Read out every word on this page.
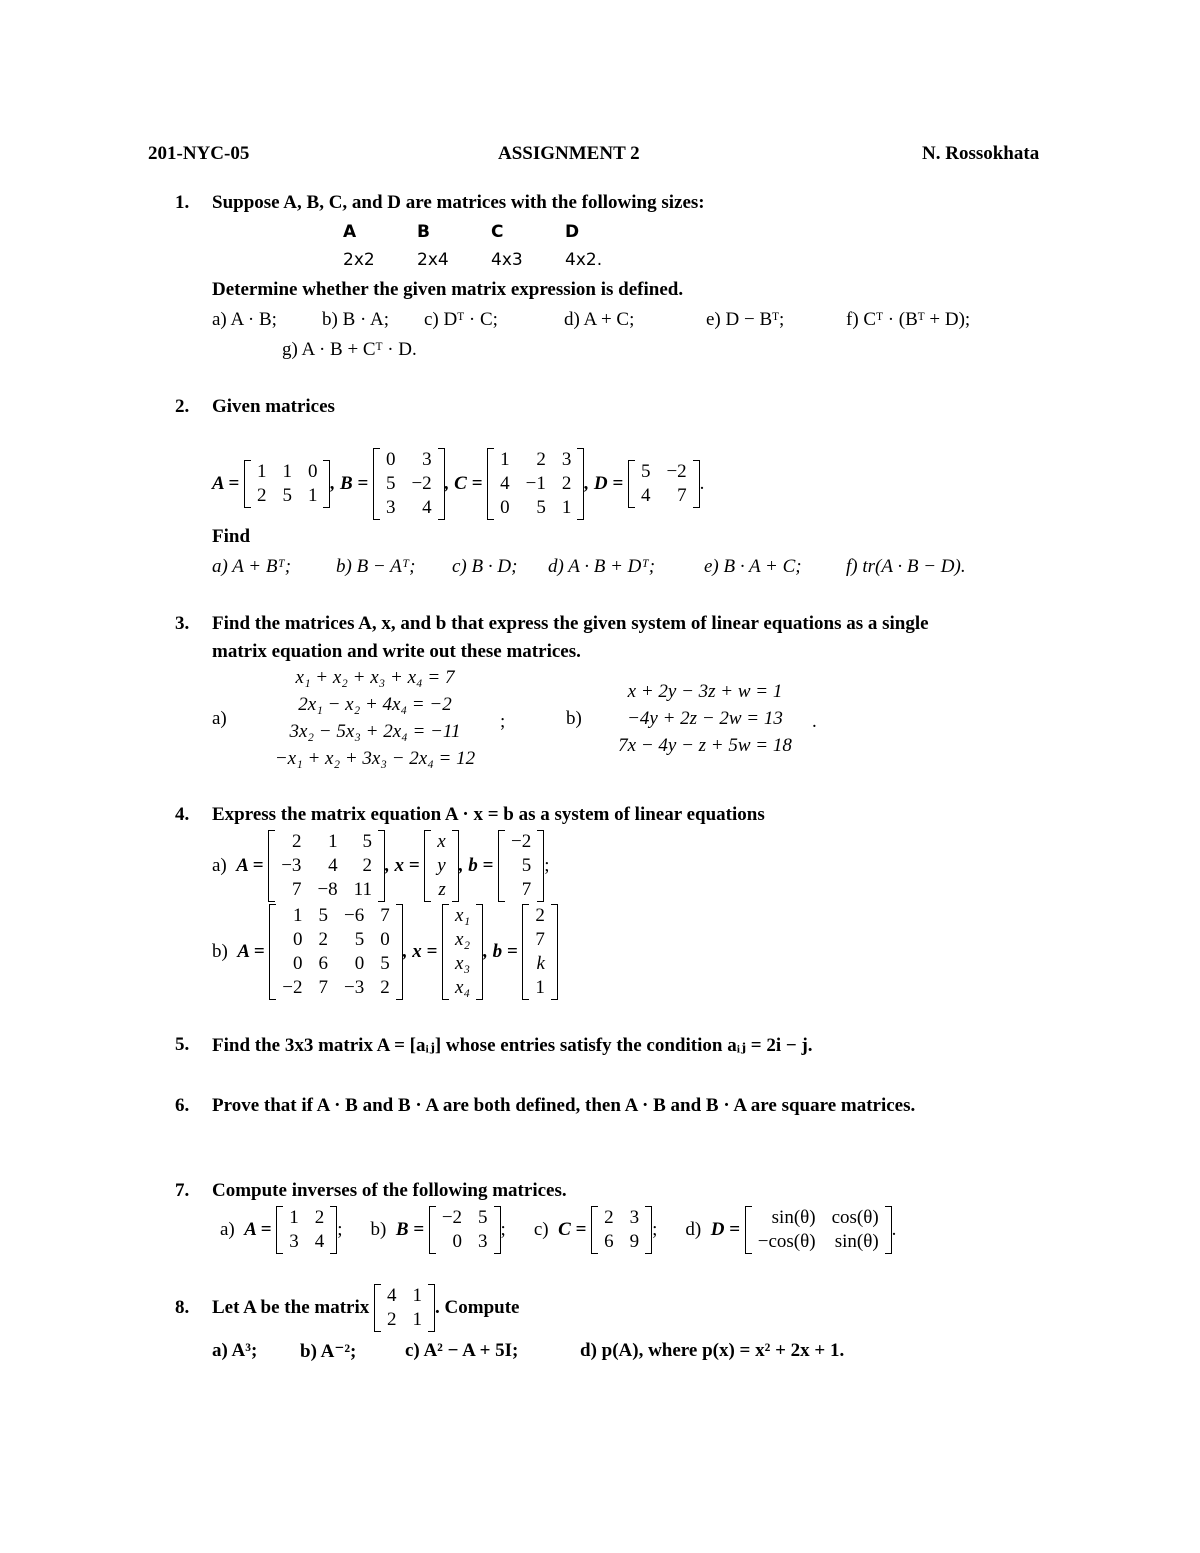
201-NYC-05	ASSIGNMENT 2	N. Rossokhata
1. Suppose A, B, C, and D are matrices with the following sizes:
A	B	C	D
2x2	2x4	4x3	4x2.
Determine whether the given matrix expression is defined.
a) A · B; b) B · A; c) Dᵀ · C;	d) A + C;	e) D − Bᵀ;	f) Cᵀ · (Bᵀ + D);
g) A · B + Cᵀ · D.
2. Given matrices
A =

1	1	0
2	5	1
, B =

0	3
5	−2
3	4
, C =

1	2	3
4	−1	2
0	5	1
, D =

5	−2
4	7
.
Find
a) A + Bᵀ; b) B − Aᵀ; c) B · D; d) A · B + Dᵀ;	e) B · A + C; f) tr(A · B − D).
3. Find the matrices A, x, and b that express the given system of linear equations as a single
matrix equation and write out these matrices.
a)
x₁ + x₂ + x₃ + x₄ = 7
2x₁ − x₂ + 4x₄ = −2
3x₂ − 5x₃ + 2x₄ = −11
−x₁ + x₂ + 3x₃ − 2x₄ = 12
;	b)
x + 2y − 3z + w = 1
−4y + 2z − 2w = 13
7x − 4y − z + 5w = 18
.
4. Express the matrix equation A · x = b as a system of linear equations
a)
A =

2	1	5
−3	4	2
7	−8	11
, x =

x
y
z
, b =

−2
5
7
;
b)
A =

1	5	−6	7
0	2	5	0
0	6	0	5
−2	7	−3	2
, x =

x₁
x₂
x₃
x₄
, b =

2
7
k
1
5. Find the 3x3 matrix A = [aᵢⱼ] whose entries satisfy the condition aᵢⱼ = 2i − j.
6. Prove that if A · B and B · A are both defined, then A · B and B · A are square matrices.
7. Compute inverses of the following matrices.
a)
A =

1	2
3	4
; b)
B =

−2	5
0	3
; c)
C =

2	3
6	9
; d)
D =

sin(θ)	cos(θ)
−cos(θ)	sin(θ)
.
8.	Let A be the matrix

4	1
2	1
. Compute
a) A³; b) A⁻²;	c) A² − A + 5I;	d) p(A), where p(x) = x² + 2x + 1.
